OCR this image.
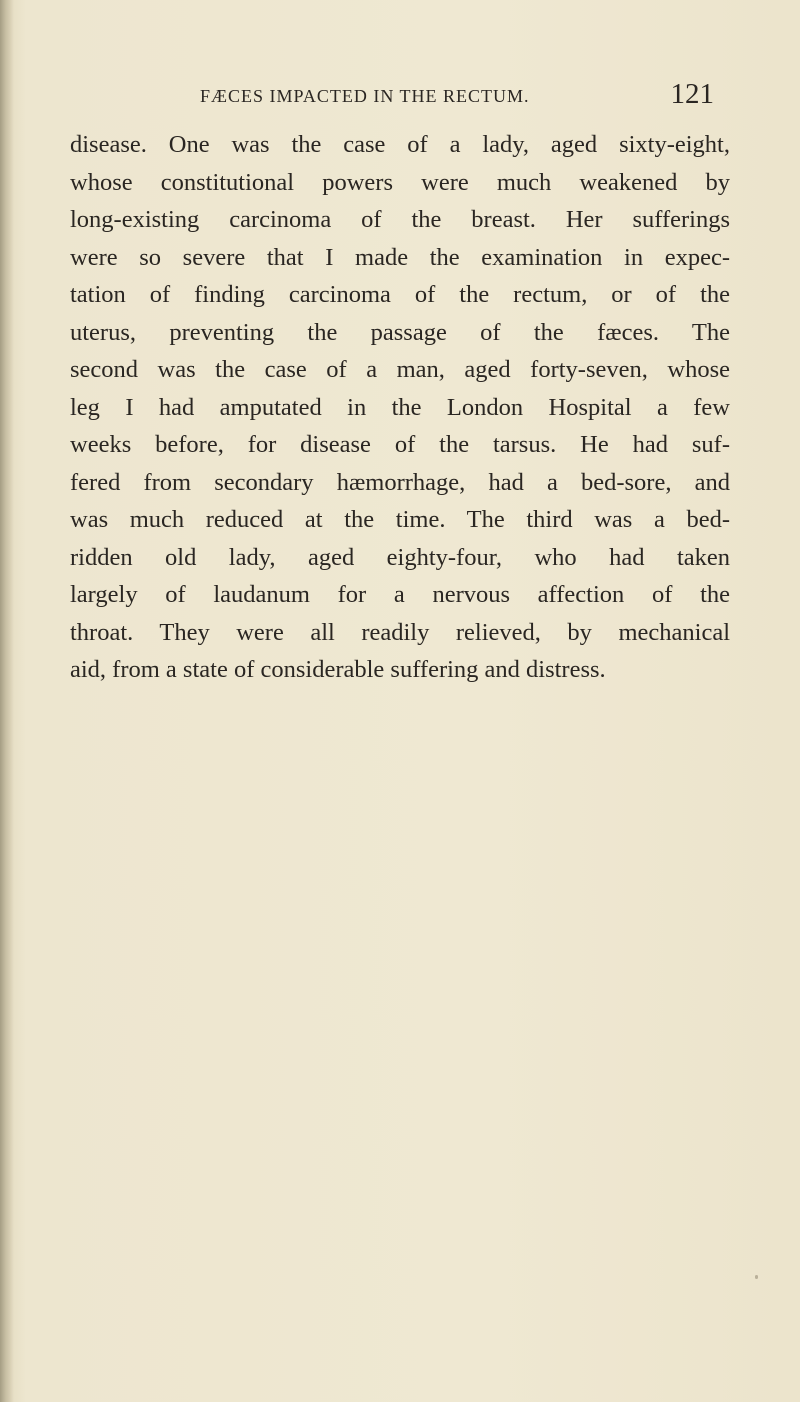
FÆCES IMPACTED IN THE RECTUM.	121
disease. One was the case of a lady, aged sixty-eight,
whose constitutional powers were much weakened by
long-existing carcinoma of the breast. Her sufferings
were so severe that I made the examination in expec-
tation of finding carcinoma of the rectum, or of the
uterus, preventing the passage of the fæces. The
second was the case of a man, aged forty-seven, whose
leg I had amputated in the London Hospital a few
weeks before, for disease of the tarsus. He had suf-
fered from secondary hæmorrhage, had a bed-sore, and
was much reduced at the time. The third was a bed-
ridden old lady, aged eighty-four, who had taken
largely of laudanum for a nervous affection of the
throat. They were all readily relieved, by mechanical
aid, from a state of considerable suffering and distress.
